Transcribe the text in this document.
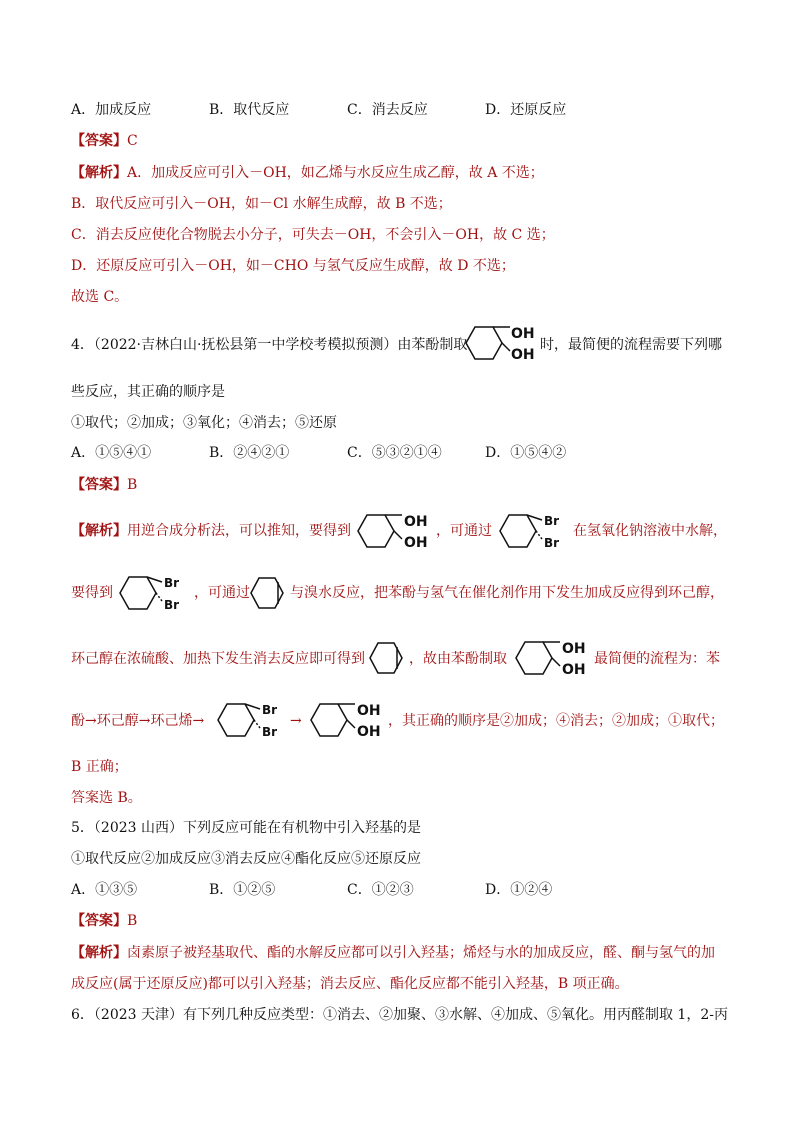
A．加成反应	B．取代反应	C．消去反应	D．还原反应
【答案】C
【解析】A．加成反应可引入－OH，如乙烯与水反应生成乙醇，故 A 不选；
B．取代反应可引入－OH，如－Cl 水解生成醇，故 B 不选；
C．消去反应使化合物脱去小分子，可失去－OH，不会引入－OH，故 C 选；
D．还原反应可引入－OH，如－CHO 与氢气反应生成醇，故 D 不选；
故选 C。
4．（2022·吉林白山·抚松县第一中学校考模拟预测）由苯酚制取
OH
OH
时，最简便的流程需要下列哪
些反应，其正确的顺序是
①取代；②加成；③氧化；④消去；⑤还原
A．①⑤④①	B．②④②①	C．⑤③②①④	D．①⑤④②
【答案】B
【解析】用逆合成分析法，可以推知，要得到
OH
OH
，可通过
Br
Br
在氢氧化钠溶液中水解，
要得到
Br
Br
，可通过	与溴水反应，把苯酚与氢气在催化剂作用下发生加成反应得到环己醇，
环己醇在浓硫酸、加热下发生消去反应即可得到	，故由苯酚制取
OH
OH
最简便的流程为：苯
酚→环己醇→环己烯→
Br
Br
→
OH
OH
，其正确的顺序是②加成；④消去；②加成；①取代；
B 正确；
答案选 B。
5．（2023 山西）下列反应可能在有机物中引入羟基的是
①取代反应②加成反应③消去反应④酯化反应⑤还原反应
A．①③⑤	B．①②⑤	C．①②③	D．①②④
【答案】B
【解析】卤素原子被羟基取代、酯的水解反应都可以引入羟基；烯烃与水的加成反应，醛、酮与氢气的加
成反应(属于还原反应)都可以引入羟基；消去反应、酯化反应都不能引入羟基，B 项正确。
6．（2023 天津）有下列几种反应类型：①消去、②加聚、③水解、④加成、⑤氧化。用丙醛制取 1，2-丙
